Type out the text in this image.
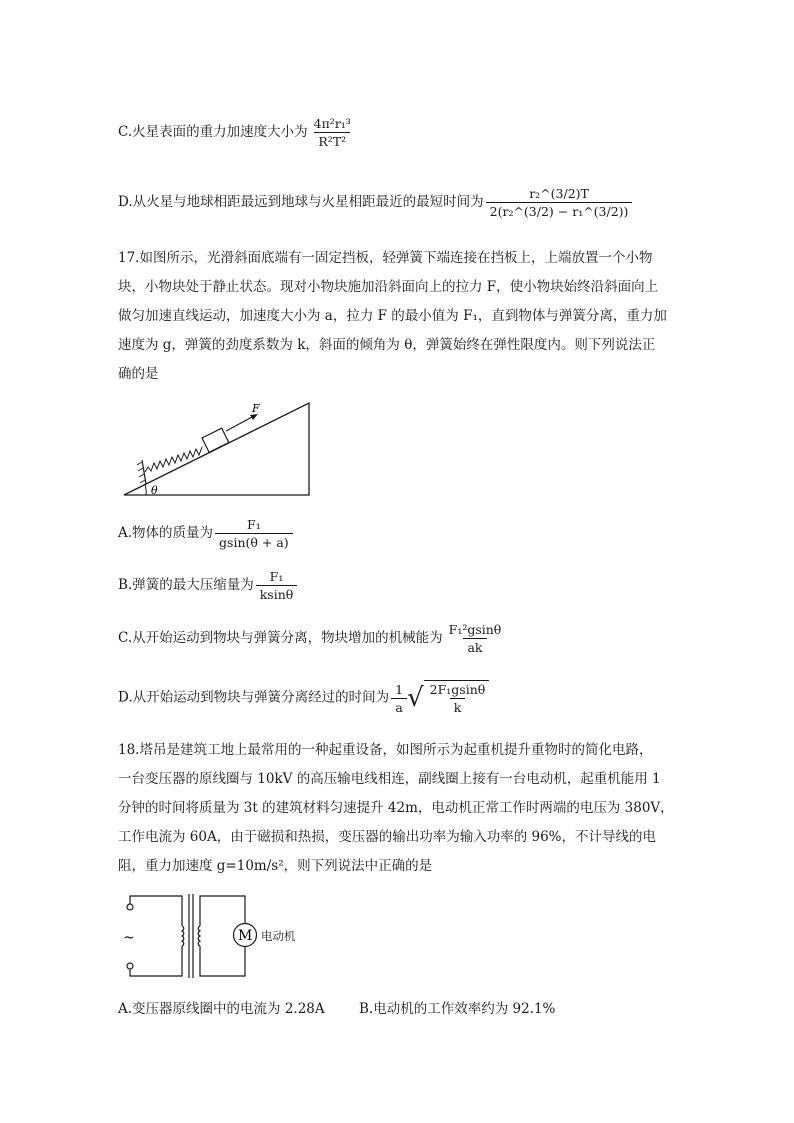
C.火星表面的重力加速度大小为 $\frac{\text{4π²r₁³}}{\text{R²T²}}$
D.从火星与地球相距最远到地球与火星相距最近的最短时间为 $\frac{\text{r₂\textasciicircum{}(3/2)T}}{\text{2(r₂\textasciicircum{}(3/2) − r₁\textasciicircum{}(3/2))}}$
17.如图所示，光滑斜面底端有一固定挡板，轻弹簧下端连接在挡板上，上端放置一个小物
块，小物块处于静止状态。现对小物块施加沿斜面向上的拉力 F，使小物块始终沿斜面向上
做匀加速直线运动，加速度大小为 a，拉力 F 的最小值为 F₁，直到物体与弹簧分离，重力加
速度为 g，弹簧的劲度系数为 k，斜面的倾角为 θ，弹簧始终在弹性限度内。则下列说法正
确的是
F
θ
A.物体的质量为 $\frac{\text{F₁}}{gsin(\theta + a)}$
B.弹簧的最大压缩量为 $\frac{\text{F₁}}{ksin\theta}$
C.从开始运动到物块与弹簧分离，物块增加的机械能为 $\frac{\text{F₁²gsinθ}}{ak}$
D.从开始运动到物块与弹簧分离经过的时间为 $\frac{1}{a}$ √ $\frac{\text{2F₁gsinθ}}{k}$
18.塔吊是建筑工地上最常用的一种起重设备，如图所示为起重机提升重物时的简化电路，
一台变压器的原线圈与 10kV 的高压输电线相连，副线圈上接有一台电动机，起重机能用 1
分钟的时间将质量为 3t 的建筑材料匀速提升 42m，电动机正常工作时两端的电压为 380V，
工作电流为 60A，由于磁损和热损，变压器的输出功率为输入功率的 96%，不计导线的电
阻，重力加速度 g=10m/s²，则下列说法中正确的是
~	M 电动机
A.变压器原线圈中的电流为 2.28A	B.电动机的工作效率约为 92.1%
